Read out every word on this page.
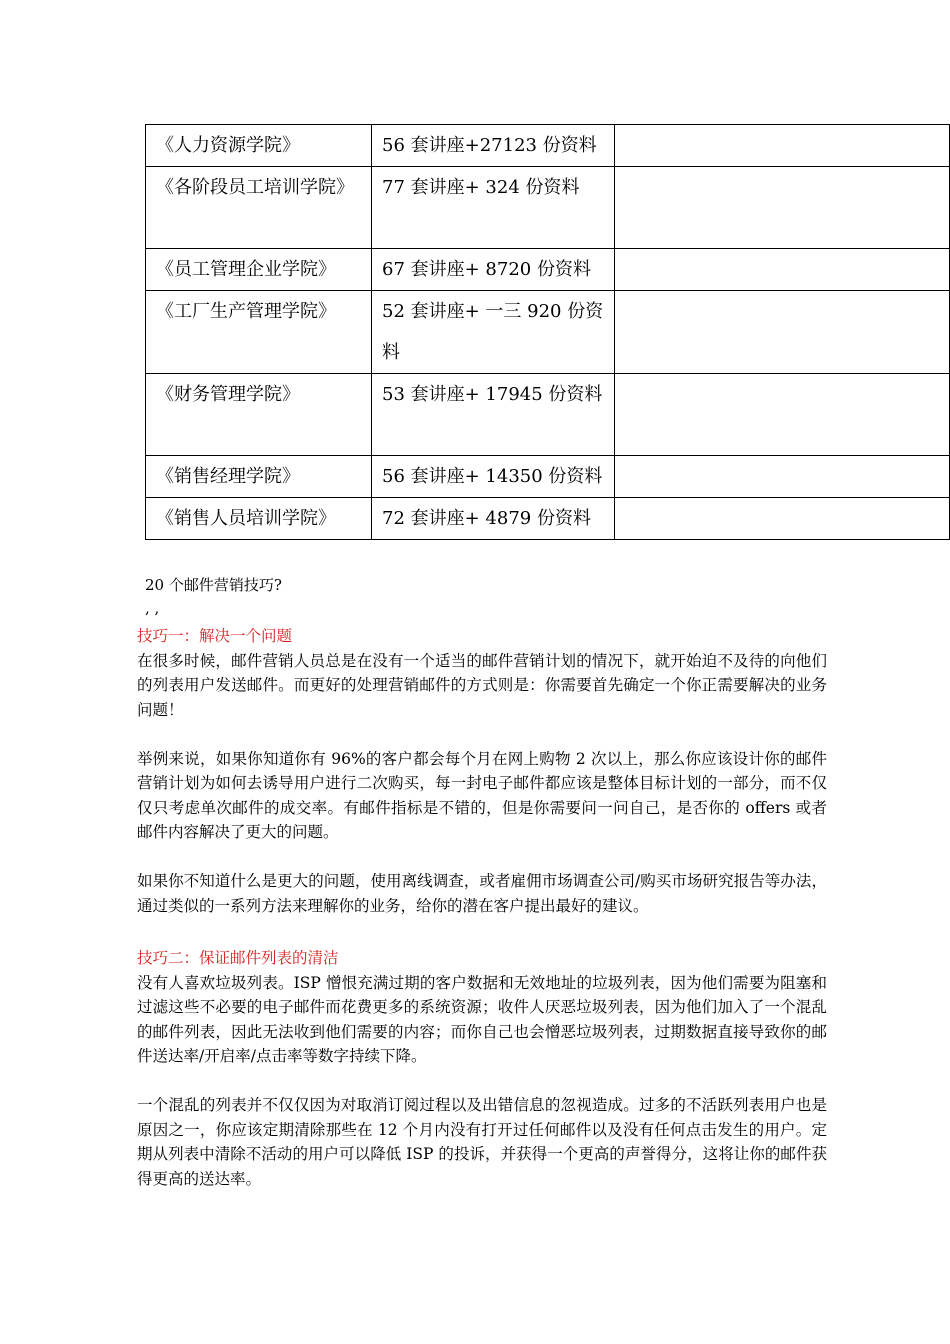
《人力资源学院》	56 套讲座+27123 份资料	
《各阶段员工培训学院》	77 套讲座+ 324 份资料	
《员工管理企业学院》	67 套讲座+ 8720 份资料	
《工厂生产管理学院》	52 套讲座+ 一三 920 份资料	
《财务管理学院》	53 套讲座+ 17945 份资料	
《销售经理学院》	56 套讲座+ 14350 份资料	
《销售人员培训学院》	72 套讲座+ 4879 份资料	
20 个邮件营销技巧?
, ,

技巧一：解决一个问题

在很多时候，邮件营销人员总是在没有一个适当的邮件营销计划的情况下，就开始迫不及待的向他们的列表用户发送邮件。而更好的处理营销邮件的方式则是：你需要首先确定一个你正需要解决的业务问题！

举例来说，如果你知道你有 96%的客户都会每个月在网上购物 2 次以上，那么你应该设计你的邮件营销计划为如何去诱导用户进行二次购买，每一封电子邮件都应该是整体目标计划的一部分，而不仅仅只考虑单次邮件的成交率。有邮件指标是不错的，但是你需要问一问自己，是否你的 offers 或者邮件内容解决了更大的问题。

如果你不知道什么是更大的问题，使用离线调查，或者雇佣市场调查公司/购买市场研究报告等办法，通过类似的一系列方法来理解你的业务，给你的潜在客户提出最好的建议。

技巧二：保证邮件列表的清洁

没有人喜欢垃圾列表。ISP 憎恨充满过期的客户数据和无效地址的垃圾列表，因为他们需要为阻塞和过滤这些不必要的电子邮件而花费更多的系统资源；收件人厌恶垃圾列表，因为他们加入了一个混乱的邮件列表，因此无法收到他们需要的内容；而你自己也会憎恶垃圾列表，过期数据直接导致你的邮件送达率/开启率/点击率等数字持续下降。

一个混乱的列表并不仅仅因为对取消订阅过程以及出错信息的忽视造成。过多的不活跃列表用户也是原因之一，你应该定期清除那些在 12 个月内没有打开过任何邮件以及没有任何点击发生的用户。定期从列表中清除不活动的用户可以降低 ISP 的投诉，并获得一个更高的声誉得分，这将让你的邮件获得更高的送达率。
